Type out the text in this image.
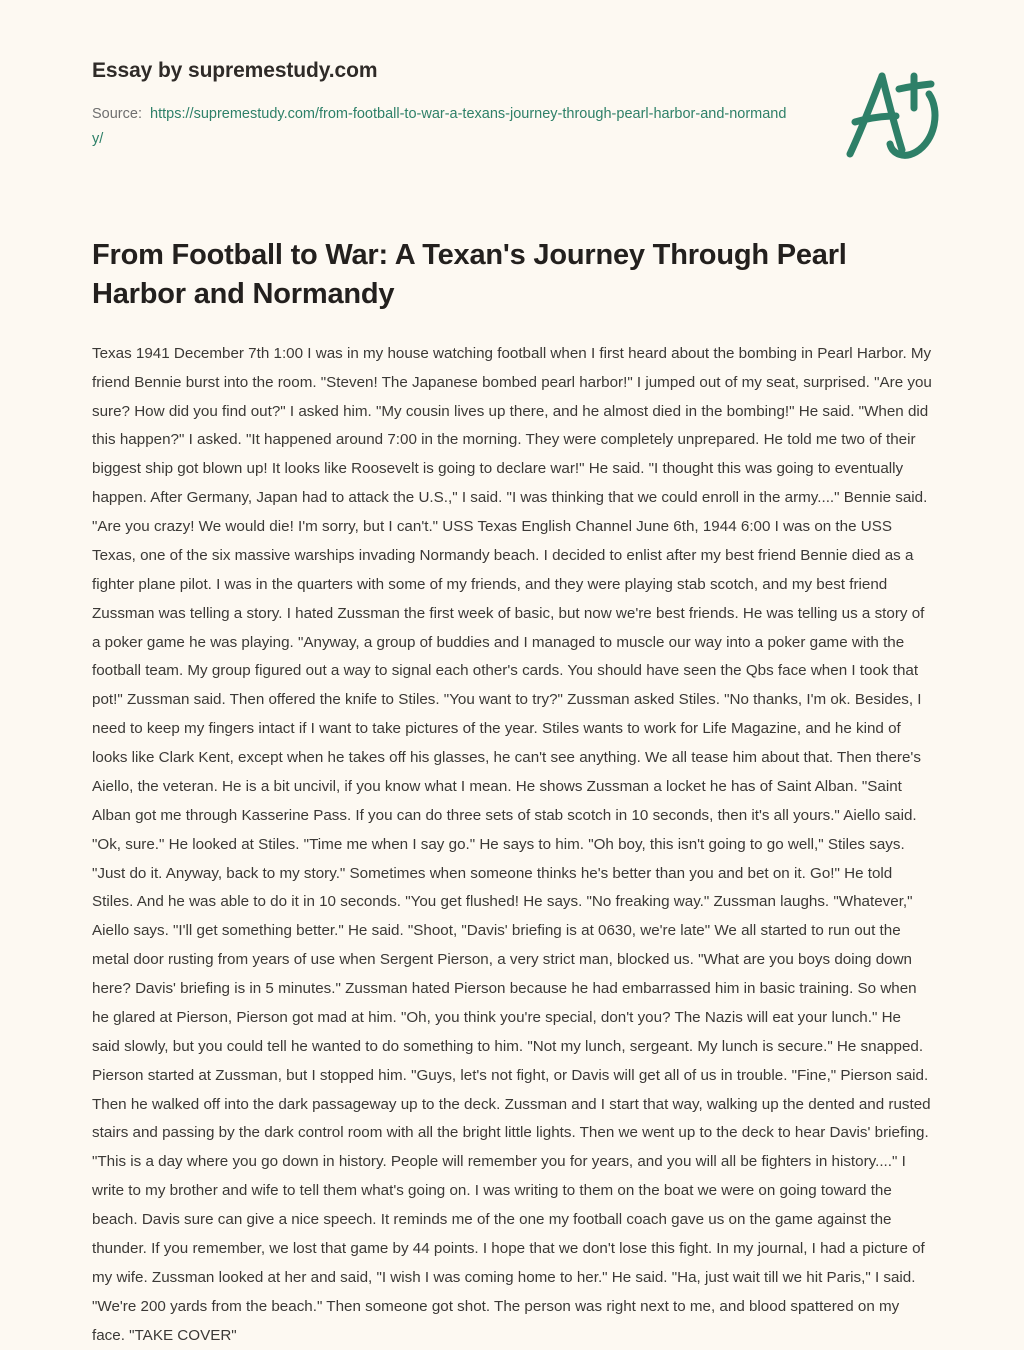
Essay by supremestudy.com

Source: https://supremestudy.com/from-football-to-war-a-texans-journey-through-pearl-harbor-and-normandy/

From Football to War: A Texan's Journey Through Pearl Harbor and Normandy

Texas 1941 December 7th 1:00 I was in my house watching football when I first heard about the bombing in Pearl Harbor. My friend Bennie burst into the room. "Steven! The Japanese bombed pearl harbor!" I jumped out of my seat, surprised. "Are you sure? How did you find out?" I asked him. "My cousin lives up there, and he almost died in the bombing!" He said. "When did this happen?" I asked. "It happened around 7:00 in the morning. They were completely unprepared. He told me two of their biggest ship got blown up! It looks like Roosevelt is going to declare war!" He said. "I thought this was going to eventually happen. After Germany, Japan had to attack the U.S.," I said. "I was thinking that we could enroll in the army...." Bennie said. "Are you crazy! We would die! I'm sorry, but I can't." USS Texas English Channel June 6th, 1944 6:00 I was on the USS Texas, one of the six massive warships invading Normandy beach. I decided to enlist after my best friend Bennie died as a fighter plane pilot. I was in the quarters with some of my friends, and they were playing stab scotch, and my best friend Zussman was telling a story. I hated Zussman the first week of basic, but now we're best friends. He was telling us a story of a poker game he was playing. "Anyway, a group of buddies and I managed to muscle our way into a poker game with the football team. My group figured out a way to signal each other's cards. You should have seen the Qbs face when I took that pot!" Zussman said. Then offered the knife to Stiles. "You want to try?" Zussman asked Stiles. "No thanks, I'm ok. Besides, I need to keep my fingers intact if I want to take pictures of the year. Stiles wants to work for Life Magazine, and he kind of looks like Clark Kent, except when he takes off his glasses, he can't see anything. We all tease him about that. Then there's Aiello, the veteran. He is a bit uncivil, if you know what I mean. He shows Zussman a locket he has of Saint Alban. "Saint Alban got me through Kasserine Pass. If you can do three sets of stab scotch in 10 seconds, then it's all yours." Aiello said. "Ok, sure." He looked at Stiles. "Time me when I say go." He says to him. "Oh boy, this isn't going to go well," Stiles says. "Just do it. Anyway, back to my story." Sometimes when someone thinks he's better than you and bet on it. Go!" He told Stiles. And he was able to do it in 10 seconds. "You get flushed! He says. "No freaking way." Zussman laughs. "Whatever," Aiello says. "I'll get something better." He said. "Shoot, "Davis' briefing is at 0630, we're late" We all started to run out the metal door rusting from years of use when Sergent Pierson, a very strict man, blocked us. "What are you boys doing down here? Davis' briefing is in 5 minutes." Zussman hated Pierson because he had embarrassed him in basic training. So when he glared at Pierson, Pierson got mad at him. "Oh, you think you're special, don't you? The Nazis will eat your lunch." He said slowly, but you could tell he wanted to do something to him. "Not my lunch, sergeant. My lunch is secure." He snapped. Pierson started at Zussman, but I stopped him. "Guys, let's not fight, or Davis will get all of us in trouble. "Fine," Pierson said. Then he walked off into the dark passageway up to the deck. Zussman and I start that way, walking up the dented and rusted stairs and passing by the dark control room with all the bright little lights. Then we went up to the deck to hear Davis' briefing. "This is a day where you go down in history. People will remember you for years, and you will all be fighters in history...." I write to my brother and wife to tell them what's going on. I was writing to them on the boat we were on going toward the beach. Davis sure can give a nice speech. It reminds me of the one my football coach gave us on the game against the thunder. If you remember, we lost that game by 44 points. I hope that we don't lose this fight. In my journal, I had a picture of my wife. Zussman looked at her and said, "I wish I was coming home to her." He said. "Ha, just wait till we hit Paris," I said. "We're 200 yards from the beach." Then someone got shot. The person was right next to me, and blood spattered on my face. "TAKE COVER"
